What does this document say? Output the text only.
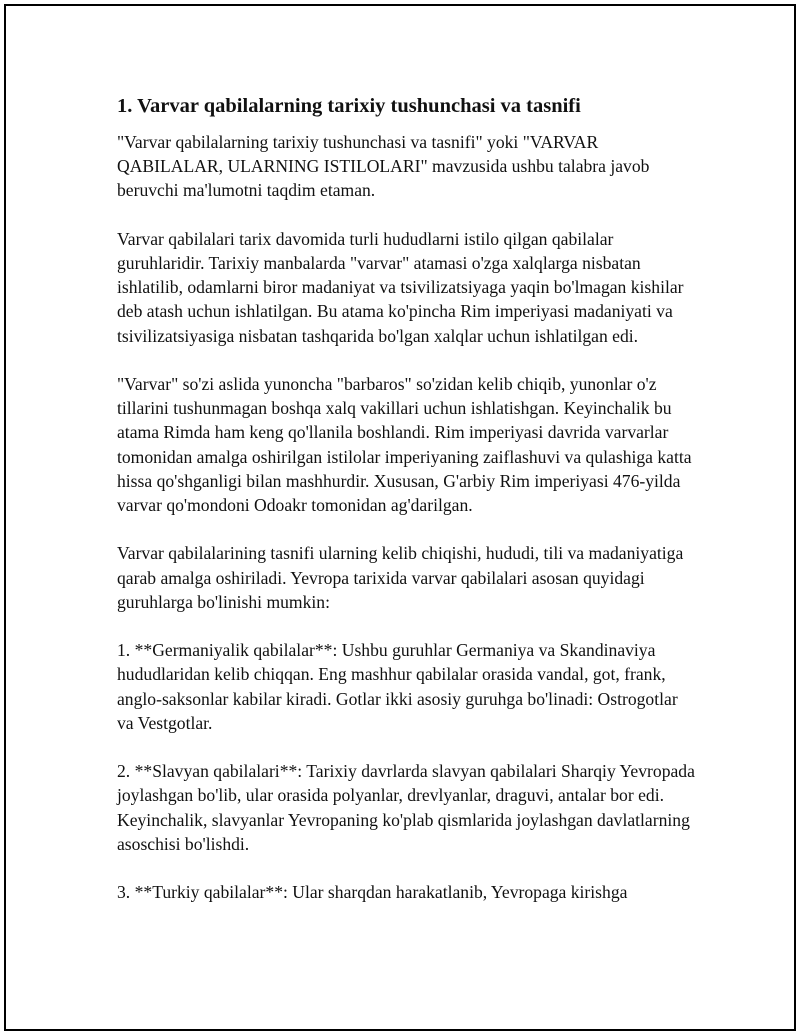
1. Varvar qabilalarning tarixiy tushunchasi va tasnifi

"Varvar qabilalarning tarixiy tushunchasi va tasnifi" yoki "VARVAR QABILALAR, ULARNING ISTILOLARI" mavzusida ushbu talabra javob beruvchi ma'lumotni taqdim etaman.

Varvar qabilalari tarix davomida turli hududlarni istilo qilgan qabilalar guruhlaridir. Tarixiy manbalarda "varvar" atamasi o'zga xalqlarga nisbatan ishlatilib, odamlarni biror madaniyat va tsivilizatsiyaga yaqin bo'lmagan kishilar deb atash uchun ishlatilgan. Bu atama ko'pincha Rim imperiyasi madaniyati va tsivilizatsiyasiga nisbatan tashqarida bo'lgan xalqlar uchun ishlatilgan edi.

"Varvar" so'zi aslida yunoncha "barbaros" so'zidan kelib chiqib, yunonlar o'z tillarini tushunmagan boshqa xalq vakillari uchun ishlatishgan. Keyinchalik bu atama Rimda ham keng qo'llanila boshlandi. Rim imperiyasi davrida varvarlar tomonidan amalga oshirilgan istilolar imperiyaning zaiflashuvi va qulashiga katta hissa qo'shganligi bilan mashhurdir. Xususan, G'arbiy Rim imperiyasi 476-yilda varvar qo'mondoni Odoakr tomonidan ag'darilgan.

Varvar qabilalarining tasnifi ularning kelib chiqishi, hududi, tili va madaniyatiga qarab amalga oshiriladi. Yevropa tarixida varvar qabilalari asosan quyidagi guruhlarga bo'linishi mumkin:

1. **Germaniyalik qabilalar**: Ushbu guruhlar Germaniya va Skandinaviya hududlaridan kelib chiqqan. Eng mashhur qabilalar orasida vandal, got, frank, anglo-saksonlar kabilar kiradi. Gotlar ikki asosiy guruhga bo'linadi: Ostrogotlar va Vestgotlar.

2. **Slavyan qabilalari**: Tarixiy davrlarda slavyan qabilalari Sharqiy Yevropada joylashgan bo'lib, ular orasida polyanlar, drevlyanlar, draguvi, antalar bor edi. Keyinchalik, slavyanlar Yevropaning ko'plab qismlarida joylashgan davlatlarning asoschisi bo'lishdi.

3. **Turkiy qabilalar**: Ular sharqdan harakatlanib, Yevropaga kirishga
